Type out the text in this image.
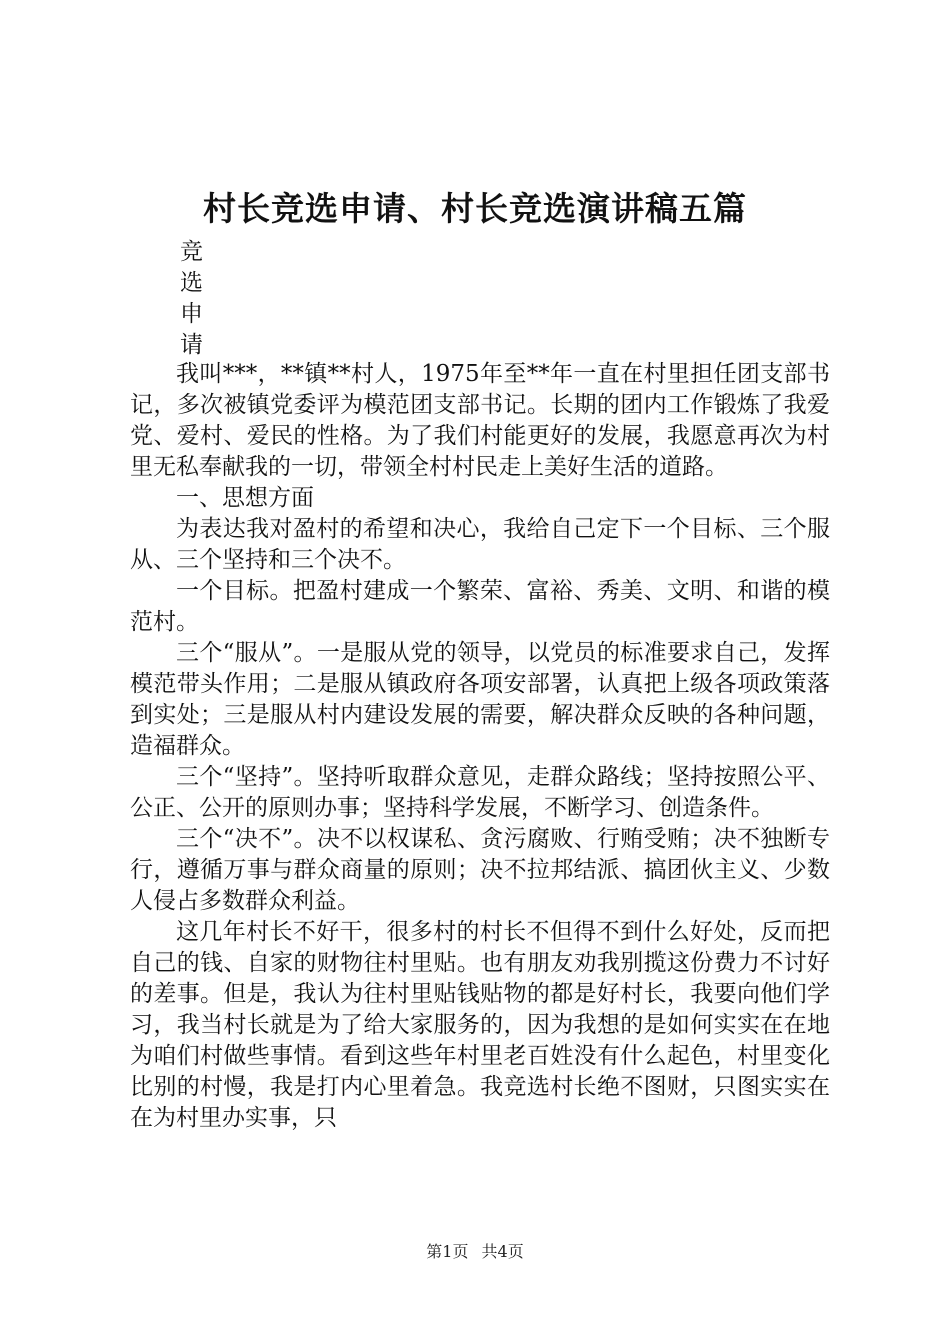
村长竞选申请、村长竞选演讲稿五篇
竞
选
申
请

我叫***，**镇**村人，1975年至**年一直在村里担任团支部书记，多次被镇党委评为模范团支部书记。长期的团内工作锻炼了我爱党、爱村、爱民的性格。为了我们村能更好的发展，我愿意再次为村里无私奉献我的一切，带领全村村民走上美好生活的道路。

一、思想方面

为表达我对盈村的希望和决心，我给自己定下一个目标、三个服从、三个坚持和三个决不。

一个目标。把盈村建成一个繁荣、富裕、秀美、文明、和谐的模范村。

三个“服从”。一是服从党的领导，以党员的标准要求自己，发挥模范带头作用；二是服从镇政府各项安部署，认真把上级各项政策落到实处；三是服从村内建设发展的需要，解决群众反映的各种问题，造福群众。

三个“坚持”。坚持听取群众意见，走群众路线；坚持按照公平、公正、公开的原则办事；坚持科学发展，不断学习、创造条件。

三个“决不”。决不以权谋私、贪污腐败、行贿受贿；决不独断专行，遵循万事与群众商量的原则；决不拉邦结派、搞团伙主义、少数人侵占多数群众利益。

这几年村长不好干，很多村的村长不但得不到什么好处，反而把自己的钱、自家的财物往村里贴。也有朋友劝我别揽这份费力不讨好的差事。但是，我认为往村里贴钱贴物的都是好村长，我要向他们学习，我当村长就是为了给大家服务的，因为我想的是如何实实在在地为咱们村做些事情。看到这些年村里老百姓没有什么起色，村里变化比别的村慢，我是打内心里着急。我竞选村长绝不图财，只图实实在在为村里办实事，只

第1页 共4页
